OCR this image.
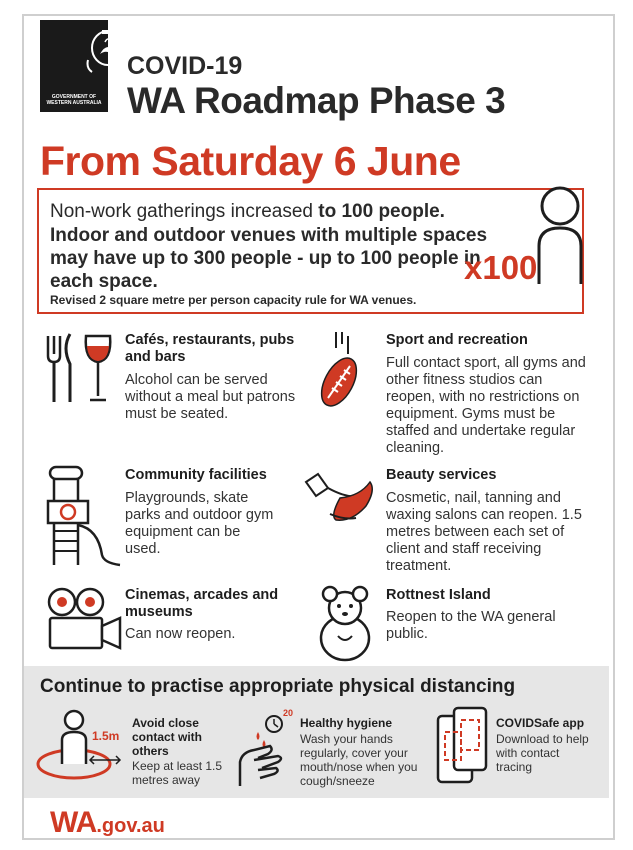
GOVERNMENT OF WESTERN AUSTRALIA
COVID-19
WA Roadmap Phase 3
From Saturday 6 June
Non-work gatherings increased to 100 people.
Indoor and outdoor venues with multiple spaces may have up to 300 people - up to 100 people in each space.
Revised 2 square metre per person capacity rule for WA venues.
x100
Cafés, restaurants, pubs and bars
Alcohol can be served without a meal but patrons must be seated.
Sport and recreation
Full contact sport, all gyms and other fitness studios can reopen, with no restrictions on equipment. Gyms must be staffed and undertake regular cleaning.
Community facilities
Playgrounds, skate parks and outdoor gym equipment can be used.
Beauty services
Cosmetic, nail, tanning and waxing salons can reopen. 1.5 metres between each set of client and staff receiving treatment.
Cinemas, arcades and museums
Can now reopen.
Rottnest Island
Reopen to the WA general public.
Continue to practise appropriate physical distancing
1.5m
Avoid close contact with others
Keep at least 1.5 metres away
20
Healthy hygiene
Wash your hands regularly, cover your mouth/nose when you cough/sneeze
COVIDSafe app
Download to help with contact tracing
WA.gov.au
